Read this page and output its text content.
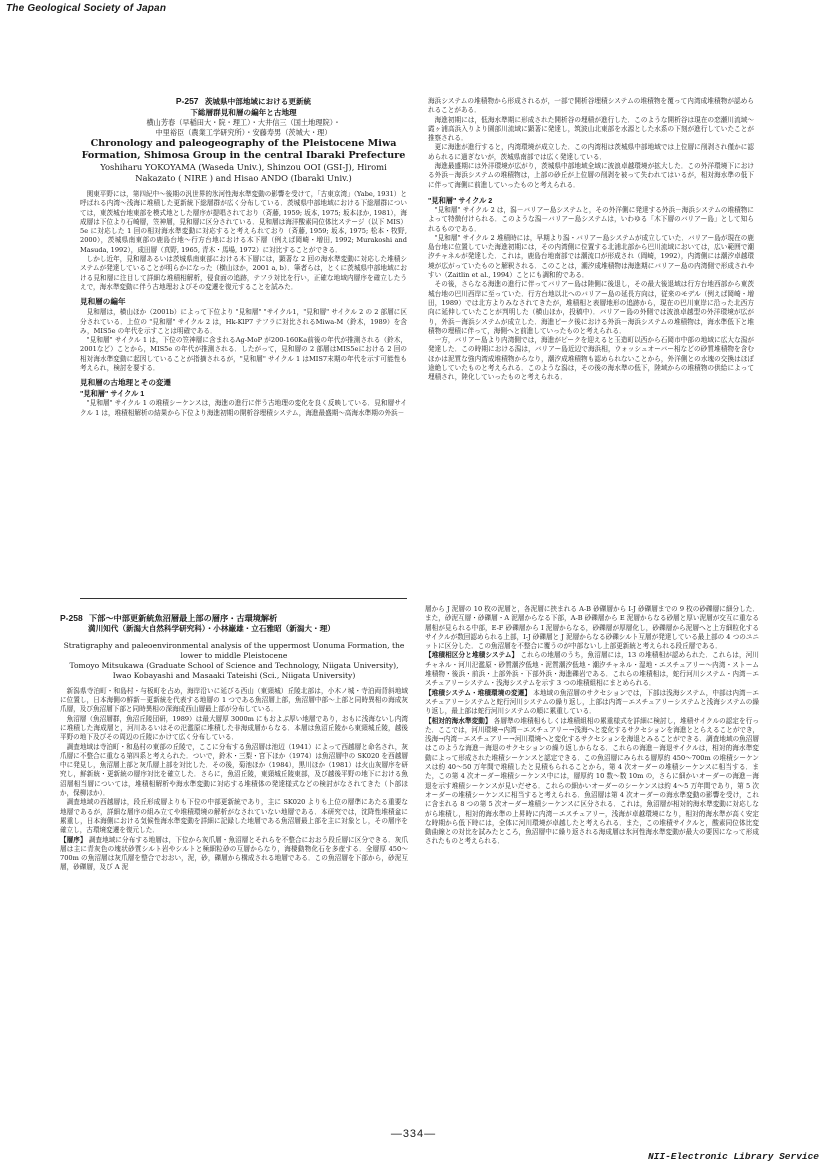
The Geological Society of Japan
P-257 茨城県中部地域における更新統
下総層群見和層の編年と古地理
横山芳春（早稲田大・院・理工）・大井信三（国土地理院）・
中里裕臣（農業工学研究所）・安藤寿男（茨城大・理）
Chronology and paleogeography of the Pleistocene Miwa Formation, Shimosa Group in the central Ibaraki Prefecture
Yoshiharu YOKOYAMA (Waseda Univ.), Shinzou OOI (GSI-J), Hiromi Nakazato ( NIRE ) and Hisao ANDO (Ibaraki Univ.)

関東平野には，第四紀中～後期の汎世界的氷河性海水準変動の影響を受けて，「古東京湾」（Yabe, 1931）と呼ばれる内湾～浅海に堆積した更新統下総層群が広く分布している．茨城県中部地域における下総層群については，東茨城台地東部を模式地とした層序が提唱されており（斉藤, 1959; 坂本, 1975; 坂本ほか, 1981），海成層は下位より石崎層，笠神層，見和層に区分されている．見和層は海洋酸素同位体比ステージ（以下 MIS）5e に対応した 1 回の相対海水準変動に対応すると考えられており（斉藤, 1959; 坂本, 1975; 松本・牧野, 2000），茨城県南東部の鹿島台地～行方台地における木下層（例えば岡崎・増田, 1992; Murakoshi and Masuda, 1992），成田層（真野, 1965, 青木・馬場, 1972）に対比することができる．

しかし近年，見和層あるいは茨城県南東部における木下層には，顕著な 2 回の海水準変動に対応した堆積システムが発達していることが明らかになった（横山ほか，2001 a, b）．筆者らは，とくに茨城県中部地域における見和層に注目して詳細な堆積相解析，侵食面の追跡，テフラ対比を行い，正確な地域内層序を確立したうえで，海水準変動に伴う古地理およびその変遷を復元することを試みた．

見和層の編年

見和層は，横山ほか（2001b）によって下位より "見和層" "サイクル1，"見和層" サイクル 2 の 2 部層に区分されている．上位の "見和層" サイクル 2 は，Hk-KlP7 テフラに対比されるMiwa-M（鈴木，1989）を含み，MIS5e の年代を示すことは明確である．

"見和層" サイクル 1 は，下位の笠神層に含まれるAg-MoP が200-160Ka前後の年代が推測される（鈴木，2001など）ことから，MIS5e の年代が推測される．したがって，見和層の 2 部層はMIS5eにおける 2 回の相対海水準変動に起因していることが指摘されるが，"見和層" サイクル 1 はMIS7末期の年代を示す可能性も考えられ，検討を要する．

見和層の古地理とその変遷
"見和層" サイクル 1

"見和層" サイクル 1 の堆積シーケンスは，海進の進行に伴う古地理の変化を良く反映している．見和層サイクル 1 は，堆積相解析の結果から下位より海進初期の開析谷埋積システム，海進最盛期～高海水準期の外浜－

海浜システムの堆積物から形成されるが，一部で開析谷埋積システムの堆積物を覆って内湾成堆積物が認められることがある．

海進初期には，低海水準期に形成された開析谷の埋積が進行した．このような開析谷は現在の恋瀬川流域～霞ヶ浦高浜入りより園部川流域に顕著に発達し，筑波山北東部を水源とした水系の下刻が進行していたことが推察される．

更に海進が進行すると，内湾環境が成立した．この内湾相は茨城県中部地域では上位層に削剥され僅かに認められるに過ぎないが，茨城県南部では広く発達している．

海進最盛期には外洋環境が広がり，茨城県中部地域全域に波浪卓越環境が拡大した．この外洋環境下における外浜－海浜システムの堆積物は，上部の砂丘が上位層の削剥を被って失われてはいるが，相対海水準の低下に伴って海側に前進していったものと考えられる．

"見和層" サイクル 2

"見和層" サイクル 2 は，潟－バリアー島システムと，その外洋側に発達する外浜－海浜システムの堆積物によって特徴付けられる．このような潟－バリアー島システムは，いわゆる「木下層のバリアー島」として知られるものである．

"見和層" サイクル 2 堆積時には，早期より潟・バリアー島システムが成立していた．バリアー島が現在の鹿島台地に位置していた海進初期には，その内湾側に位置する北浦北部から巴川流域においては，広い範囲で潮汐チャネルが発達した．これは，鹿島台地南部では潮流口が形成され（岡崎，1992），内湾側には潮汐卓越環境が広がっていたものと解釈される．このことは，潮汐成堆積物は海進期にバリアー島の内湾側で形成されやすい（Zaitlin et al., 1994）ことにも調和的である．

その後，さらなる海進の進行に伴ってバリアー島は陸側に後退し，その最大後退域は行方台地西部から東茨城台地の巴川西岸に至っていた．行方台地以北へのバリアー島の延長方向は，従来のモデル（例えば岡崎・増田，1989）では北方よりみなされてきたが，堆積相と表層地形の追跡から，現在の巴川東岸に沿った北西方向に延伸していたことが判明した（横山ほか，投稿中）．バリアー島の外側では波浪卓越型の外洋環境が広がり，外浜－海浜システムが成立した．海進ピーク後における外浜－海浜システムの堆積物は，海水準低下と堆積物の埋積に伴って，海側へと前進していったものと考えられる．

一方，バリアー島より内湾側では，海進がピークを迎えると玉造町以西から石岡市中部の地域に広大な潟が発達した．この時期における潟は，バリアー島近辺で海浜相，ウォッシュオーバー相などの砂質堆積物を含むほかは泥質な強内湾成堆積物からなり，潮汐成堆積物も認められないことから，外洋側との水塊の交換はほぼ途絶していたものと考えられる．このような潟は，その後の海水準の低下，陸域からの堆積物の供給によって埋積され，陸化していったものと考えられる．

P-258 下部～中部更新統魚沼層最上部の層序・古環境解析
満川知代（新潟大自然科学研究科）・小林巌雄・立石雅昭（新潟大・理）
Stratigraphy and paleoenvironmental analysis of the uppermost Uonuma Formation, the lower to middle Pleistocene
Tomoyo Mitsukawa (Graduate School of Science and Technology, Niigata University), Iwao Kobayashi and Masaaki Tateishi (Sci., Niigata University)

新潟県寺泊町・和島村・与板町を占め，海岸沿いに延びる西山（東頸城）丘陵北部は，小木ノ城・寺泊両背斜地域に位置し，日本海側の鮮新－更新統を代表する地層の 1 つである魚沼層上部，魚沼層中部～上部と同時異相の海成灰爪層，及び魚沼層下部と同時異相の深海成西山層最上部が分布している．

魚沼層（魚沼層群，魚沼丘陵団研，1989）は最大層厚 3000m にもおよぶ厚い地層であり，おもに浅海ないし内湾に堆積した海成層と，河川あるいはその氾濫原に堆積した非海成層からなる．本層は魚沼丘陵から東頸城丘陵，越後平野の地下及びその周辺の丘陵にかけて広く分布している．

調査地域は寺泊町・和島村の東部の丘陵で，ここに分布する魚沼層は池辺（1941）によって西越層と命名され，灰爪層に不整合に重なる第四系と考えられた．ついで，鈴木・三梨・宮下ほか（1974）は魚沼層中の SK020 を西越層中に発見し，魚沼層上部と灰爪層上部を対比した．その後，菊池ほか（1984），黒川ほか（1981）は火山灰層序を研究し，鮮新統・更新統の層序対比を確立した．さらに，魚沼丘陵，東頸城丘陵東部，及び越後平野の地下における魚沼層相当層については，堆積相解析や海水準変動に対応する堆積体の発達様式などの検討がなされてきた（卜部ほか，保柳ほか）．

調査地域の西越層は，段丘形成層よりも下位の中部更新統であり，主に SK020 よりも上位の層準にあたる重要な地層であるが，詳細な層序の組み立てや堆積環境の解析がなされていない地層である．本研究では，沈降性堆積盆に累重し，日本海側における気候性海水準変動を詳細に記録した地層である魚沼層最上部を主に対象とし，その層序を確立し，古環境変遷を復元した．

【層序】 調査地域に分布する地層は，下位から灰爪層・魚沼層とそれらを不整合におおう段丘層に区分できる．灰爪層は主に青灰色の塊状砂質シルト岩やシルトと極細粒砂の互層からなり，海棲動物化石を多産する．全層厚 450～700m の魚沼層は灰爪層を整合でおおい，泥，砂，礫層から構成される地層である．この魚沼層を下部から，砂泥互層，砂礫層，及び A 泥

層から J 泥層の 10 枚の泥層と，各泥層に挟まれる A-B 砂礫層から I-J 砂礫層までの 9 枚の砂礫層に細分した．また，砂泥互層・砂礫層・A 泥層からなる下部，A-B 砂礫層から E 泥層からなる砂層と厚い泥層が交互に重なる層相が見られる中部，E-F 砂礫層から I 泥層からなる，砂礫層が厚層化し，砂礫層から泥層へと上方細粒化するサイクルが数回認められる上部，I-J 砂礫層と J 泥層からなる砂礫シルト互層が発達している最上部の 4 つのユニットに区分した．この魚沼層を不整合に覆うのが中部ないし上部更新統と考えられる段丘層である．

【堆積相区分と堆積システム】 これらの地層のうち，魚沼層には，13 の堆積相が認められた．これらは，河川チャネル・河川氾濫原・砂質潮汐低地・泥質潮汐低地・潮汐チャネル・湿地・エスチュアリー～内湾・ストーム堆積物・後浜・前浜・上部外浜・下部外浜・海進礫岩である．これらの堆積相は，蛇行河川システム・内湾－エスチュアリーシステム・浅海システムを示す 3 つの堆積組相にまとめられる．

【堆積システム・堆積環境の変遷】 本地域の魚沼層のサクセションでは，下部は浅海システム，中部は内湾－エスチュアリーシステムと蛇行河川システムの繰り返し，上部は内湾－エスチュアリーシステムと浅海システムの繰り返し，最上部は蛇行河川システムの順に累重している．

【相対的海水準変動】 各層準の堆積相もしくは堆積組相の累重様式を詳細に検討し，堆積サイクルの認定を行った．ここでは，河川環境→内湾－エスチュアリー→浅海へと変化するサクセションを海進ととらえることができ，浅海→内湾－エスチュアリー→河川環境へと変化するサクセションを海退とみることができる．調査地域の魚沼層はこのような海進－海退のサクセションの繰り返しからなる．これらの海進－海退サイクルは，相対的海水準変動によって形成された堆積シーケンスと認定できる．この魚沼層にみられる層厚約 450～700m の堆積シーケンスは約 40～50 万年間で堆積したと見積もられることから，第 4 次オーダーの堆積シーケンスに相当する．また，この第 4 次オーダー堆積シーケンス中には，層厚約 10 数～数 10m の，さらに細かいオーダーの海進－海退を示す堆積シーケンスが見いだせる．これらの細かいオーダーのシーケンスは約 4～5 万年間であり，第 5 次オーダーの堆積シーケンスに相当すると考えられる．魚沼層は第 4 次オーダーの海水準変動の影響を受け，これに含まれる 8 つの第 5 次オーダー堆積シーケンスに区分される．これは，魚沼層が相対的海水準変動に対応しながら堆積し，相対的海水準の上昇時に内湾－エスチュアリー，浅海が卓越環境になり，相対的海水準が高く安定な時期から低下時には，全体に河川環境が卓越したと考えられる．また，この堆積サイクルと，酸素同位体比変動曲線との対比を試みたところ，魚沼層中に繰り返される海成層は氷河性海水準変動が最大の要因になって形成されたものと考えられる．

—334—
NII-Electronic Library Service
